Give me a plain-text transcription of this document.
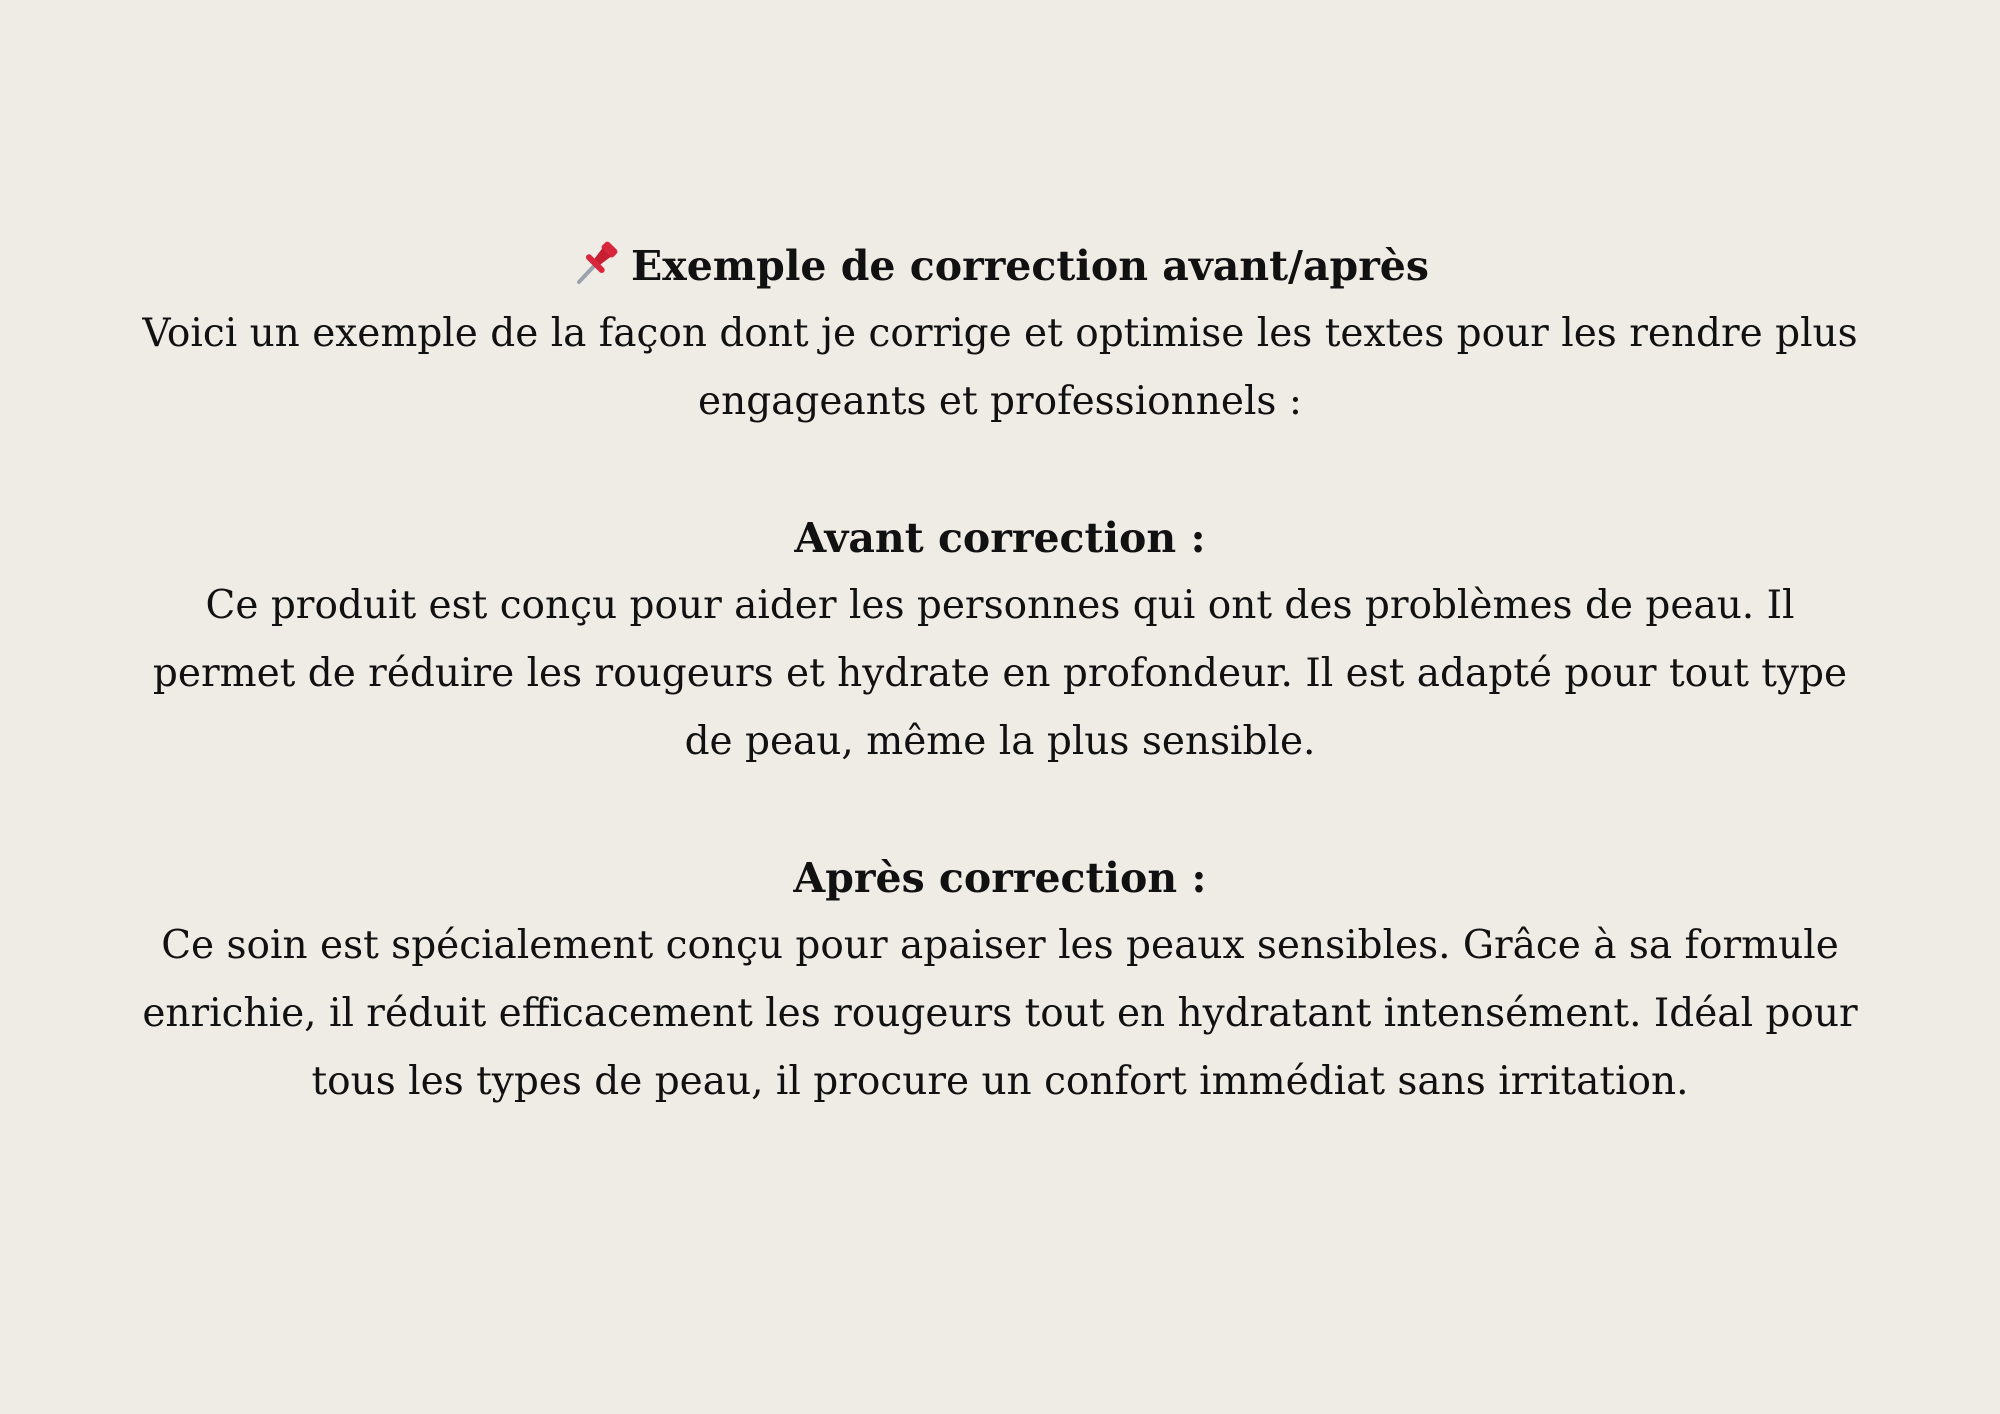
Exemple de correction avant/après

Voici un exemple de la façon dont je corrige et optimise les textes pour les rendre plus engageants et professionnels :

Avant correction :

Ce produit est conçu pour aider les personnes qui ont des problèmes de peau. Il permet de réduire les rougeurs et hydrate en profondeur. Il est adapté pour tout type de peau, même la plus sensible.

Après correction :

Ce soin est spécialement conçu pour apaiser les peaux sensibles. Grâce à sa formule enrichie, il réduit efficacement les rougeurs tout en hydratant intensément. Idéal pour tous les types de peau, il procure un confort immédiat sans irritation.
